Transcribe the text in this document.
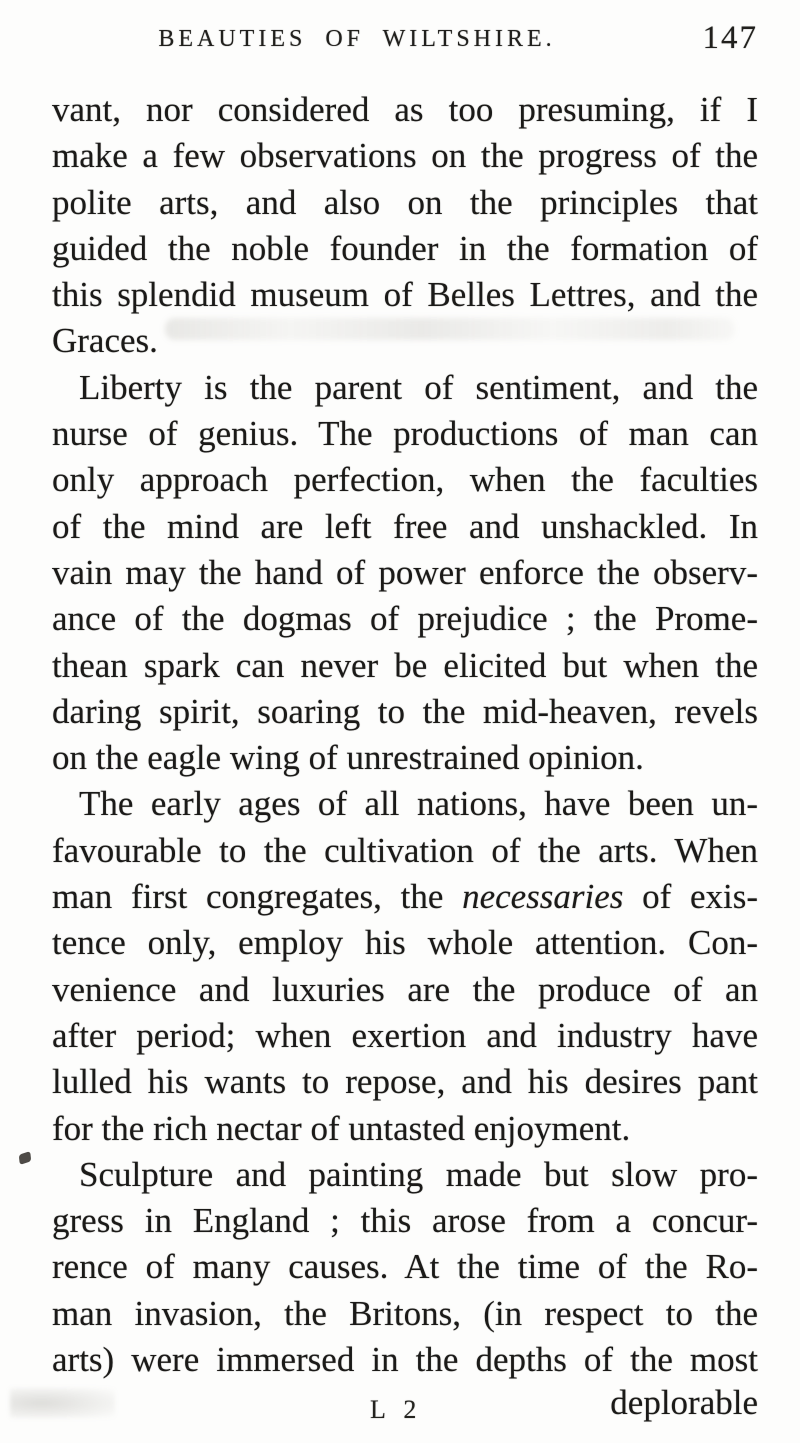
BEAUTIES OF WILTSHIRE.	147
vant, nor considered as too presuming, if I
make a few observations on the progress of the
polite arts, and also on the principles that
guided the noble founder in the formation of
this splendid museum of Belles Lettres, and the
Graces.
Liberty is the parent of sentiment, and the
nurse of genius. The productions of man can
only approach perfection, when the faculties
of the mind are left free and unshackled. In
vain may the hand of power enforce the observ-
ance of the dogmas of prejudice ; the Prome-
thean spark can never be elicited but when the
daring spirit, soaring to the mid-heaven, revels
on the eagle wing of unrestrained opinion.
The early ages of all nations, have been un-
favourable to the cultivation of the arts. When
man first congregates, the necessaries of exis-
tence only, employ his whole attention. Con-
venience and luxuries are the produce of an
after period; when exertion and industry have
lulled his wants to repose, and his desires pant
for the rich nectar of untasted enjoyment.
Sculpture and painting made but slow pro-
gress in England ; this arose from a concur-
rence of many causes. At the time of the Ro-
man invasion, the Britons, (in respect to the
arts) were immersed in the depths of the most
L 2	deplorable
